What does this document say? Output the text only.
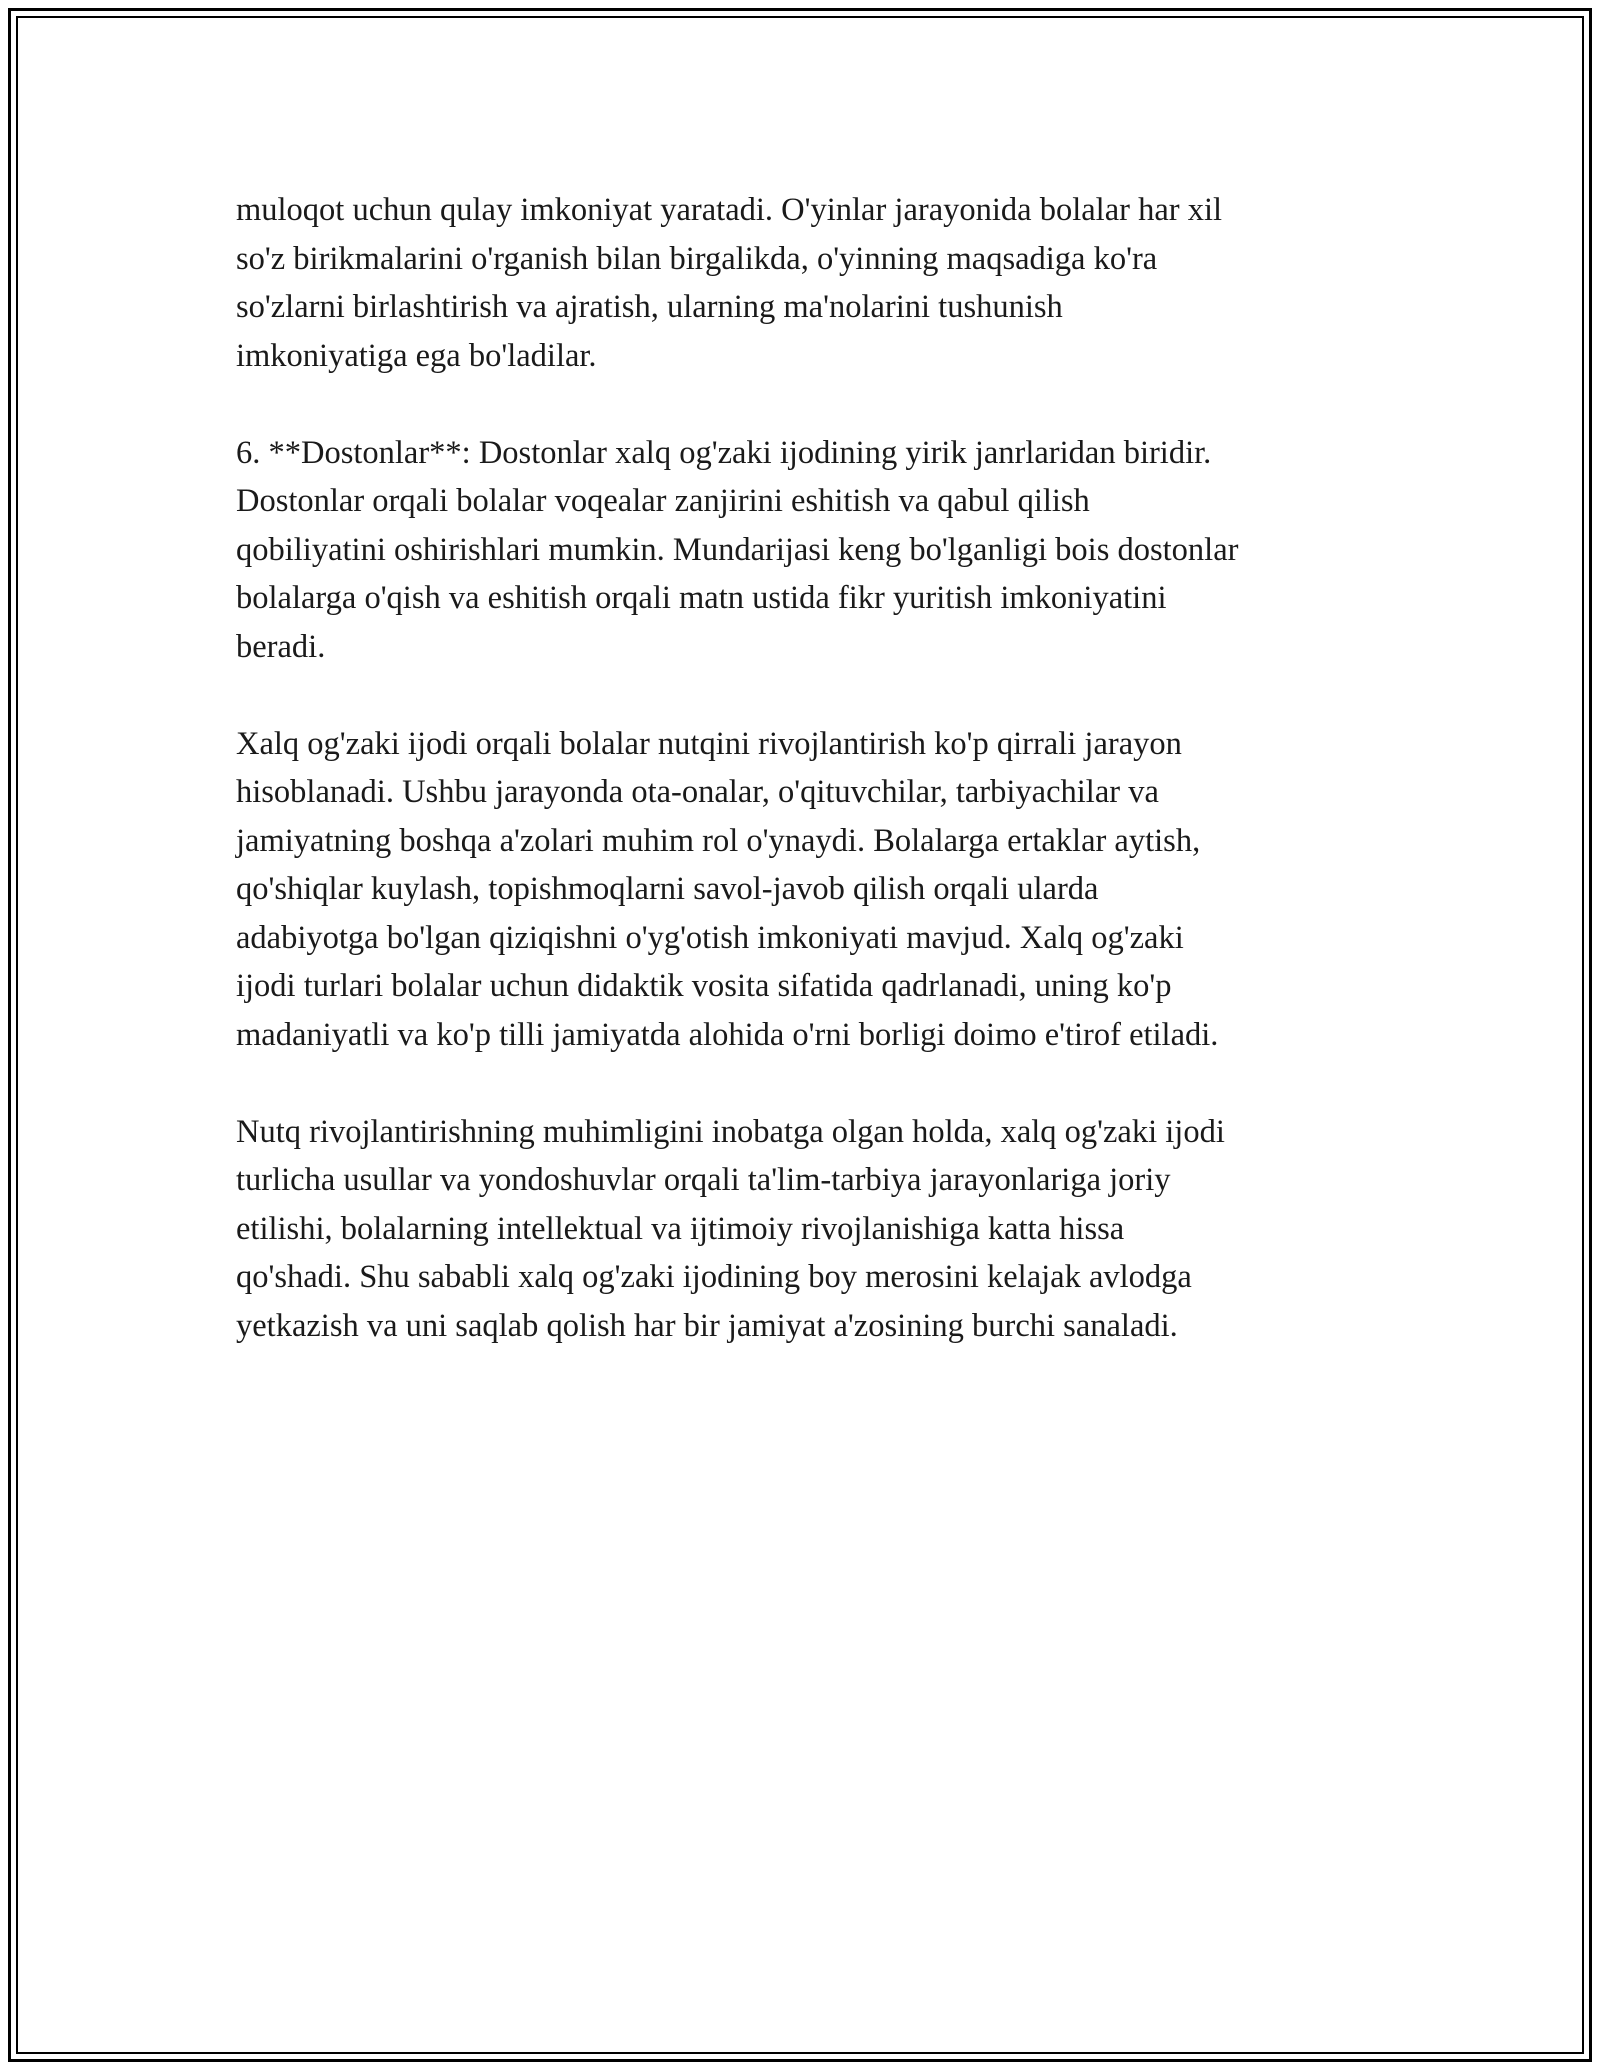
muloqot uchun qulay imkoniyat yaratadi. O'yinlar jarayonida bolalar har xil
so'z birikmalarini o'rganish bilan birgalikda, o'yinning maqsadiga ko'ra
so'zlarni birlashtirish va ajratish, ularning ma'nolarini tushunish
imkoniyatiga ega bo'ladilar.

6. **Dostonlar**: Dostonlar xalq og'zaki ijodining yirik janrlaridan biridir.
Dostonlar orqali bolalar voqealar zanjirini eshitish va qabul qilish
qobiliyatini oshirishlari mumkin. Mundarijasi keng bo'lganligi bois dostonlar
bolalarga o'qish va eshitish orqali matn ustida fikr yuritish imkoniyatini
beradi.

Xalq og'zaki ijodi orqali bolalar nutqini rivojlantirish ko'p qirrali jarayon
hisoblanadi. Ushbu jarayonda ota-onalar, o'qituvchilar, tarbiyachilar va
jamiyatning boshqa a'zolari muhim rol o'ynaydi. Bolalarga ertaklar aytish,
qo'shiqlar kuylash, topishmoqlarni savol-javob qilish orqali ularda
adabiyotga bo'lgan qiziqishni o'yg'otish imkoniyati mavjud. Xalq og'zaki
ijodi turlari bolalar uchun didaktik vosita sifatida qadrlanadi, uning ko'p
madaniyatli va ko'p tilli jamiyatda alohida o'rni borligi doimo e'tirof etiladi.

Nutq rivojlantirishning muhimligini inobatga olgan holda, xalq og'zaki ijodi
turlicha usullar va yondoshuvlar orqali ta'lim-tarbiya jarayonlariga joriy
etilishi, bolalarning intellektual va ijtimoiy rivojlanishiga katta hissa
qo'shadi. Shu sababli xalq og'zaki ijodining boy merosini kelajak avlodga
yetkazish va uni saqlab qolish har bir jamiyat a'zosining burchi sanaladi.
